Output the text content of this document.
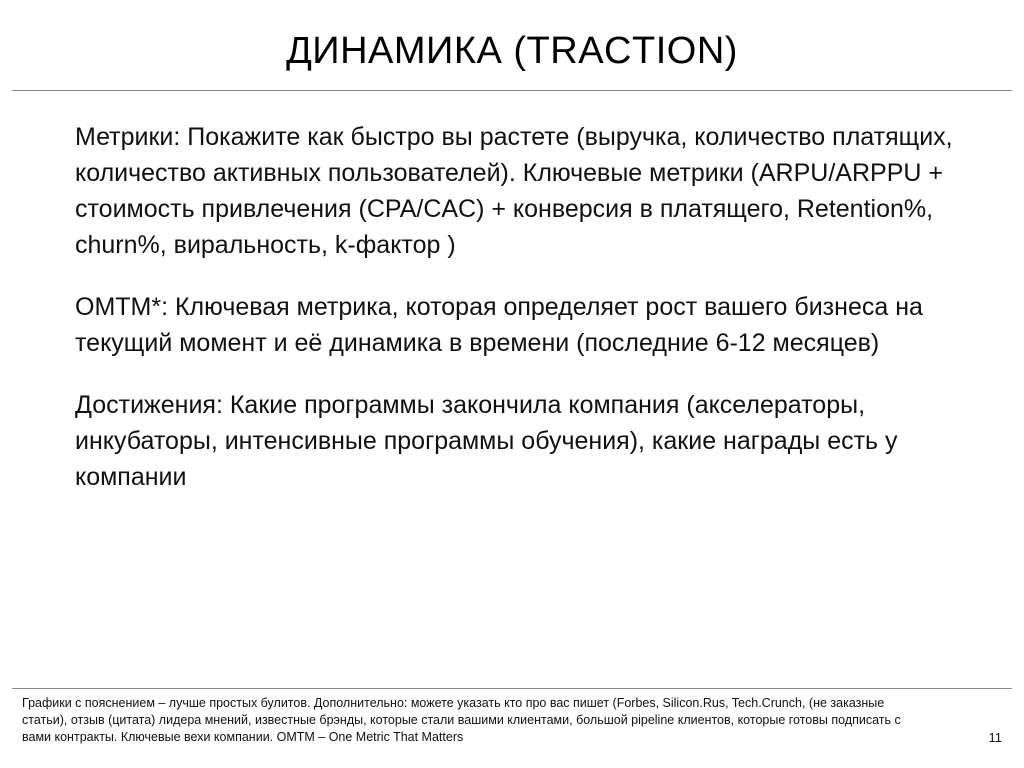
ДИНАМИКА (TRACTION)

Метрики: Покажите как быстро вы растете (выручка, количество платящих, количество активных пользователей). Ключевые метрики (ARPU/ARPPU + стоимость привлечения (CPA/CAC) + конверсия в платящего, Retention%, churn%, виральность, k-фактор )

OMTM*: Ключевая метрика, которая определяет рост вашего бизнеса на текущий момент и её динамика в времени (последние 6-12 месяцев)

Достижения: Какие программы закончила компания (акселераторы, инкубаторы, интенсивные программы обучения), какие награды есть у компании

Графики с пояснением – лучше простых булитов. Дополнительно: можете указать кто про вас пишет (Forbes, Silicon.Rus, Tech.Crunch, (не заказные статьи), отзыв (цитата) лидера мнений, известные брэнды, которые стали вашими клиентами, большой pipeline клиентов, которые готовы подписать с вами контракты. Ключевые вехи компании. OMTM – One Metric That Matters	11
